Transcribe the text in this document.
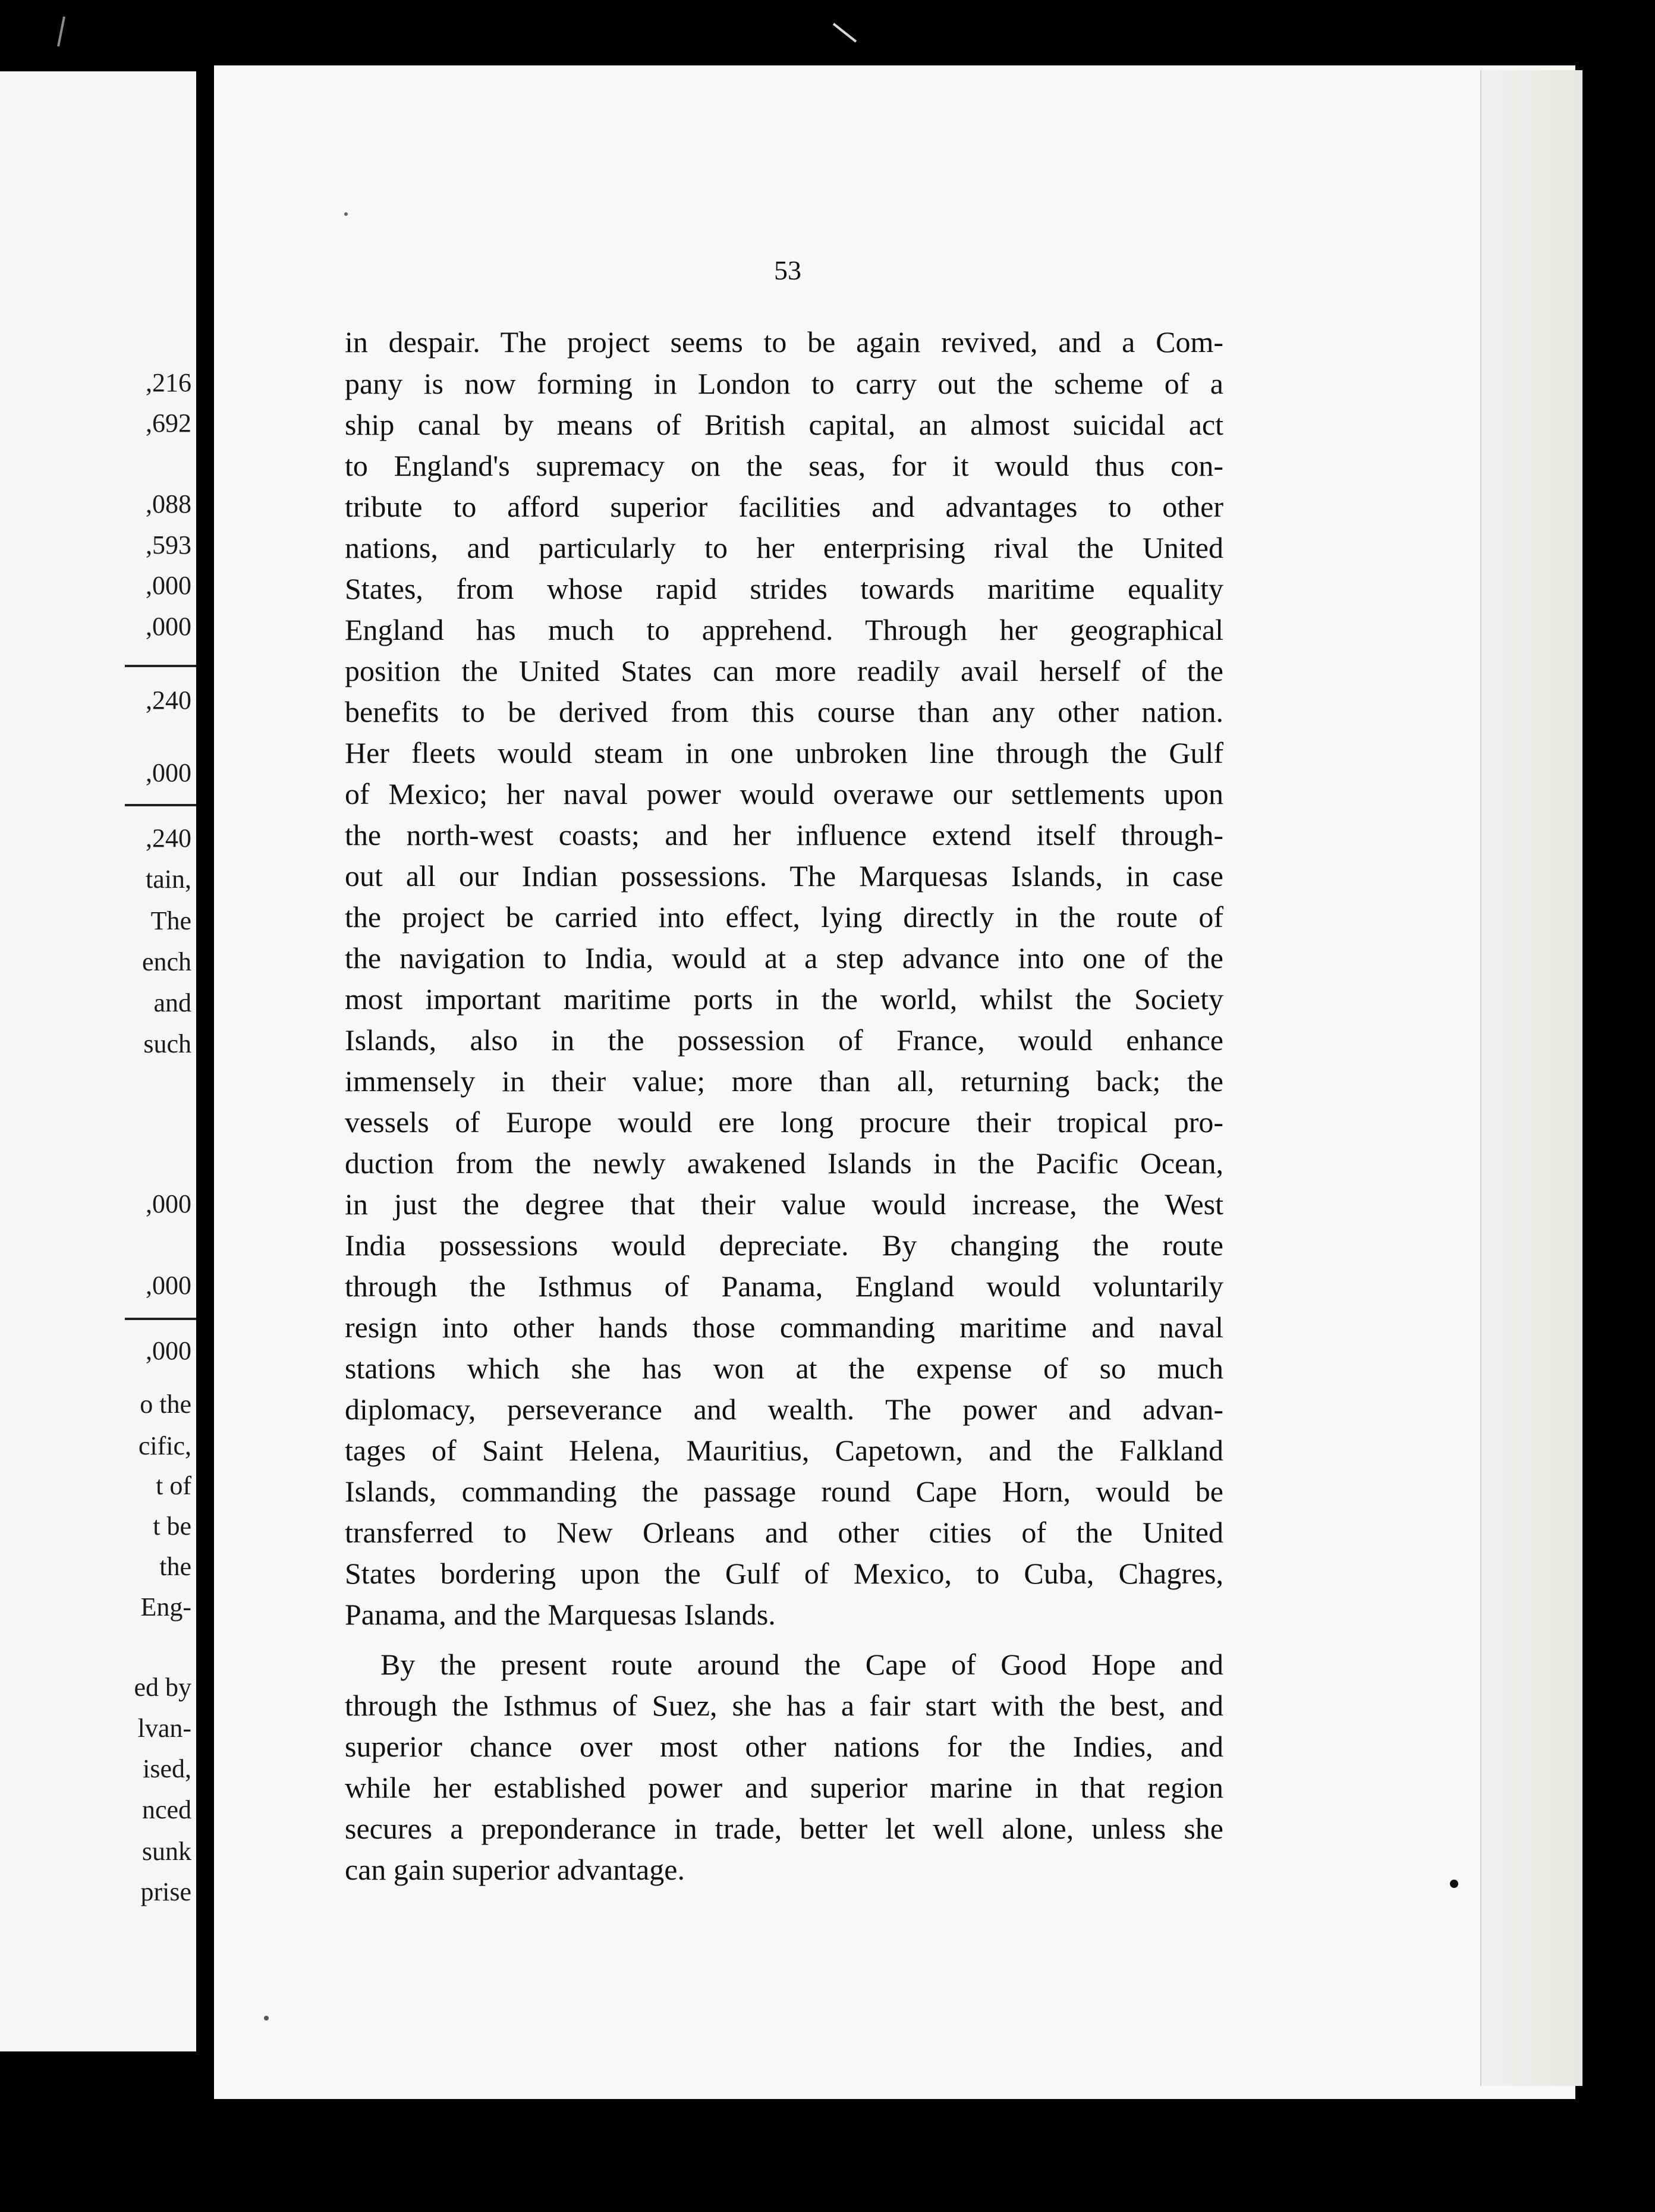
,216
,692
,088
,593
,000
,000
,240
,000
,240
tain,
The
ench
and
such
,000
,000
,000
o the
cific,
t of
t be
the
Eng-
ed by
lvan-
ised,
nced
sunk
prise
53
in despair. The project seems to be again revived, and a Com-
pany is now forming in London to carry out the scheme of a
ship canal by means of British capital, an almost suicidal act
to England's supremacy on the seas, for it would thus con-
tribute to afford superior facilities and advantages to other
nations, and particularly to her enterprising rival the United
States, from whose rapid strides towards maritime equality
England has much to apprehend. Through her geographical
position the United States can more readily avail herself of the
benefits to be derived from this course than any other nation.
Her fleets would steam in one unbroken line through the Gulf
of Mexico; her naval power would overawe our settlements upon
the north-west coasts; and her influence extend itself through-
out all our Indian possessions. The Marquesas Islands, in case
the project be carried into effect, lying directly in the route of
the navigation to India, would at a step advance into one of the
most important maritime ports in the world, whilst the Society
Islands, also in the possession of France, would enhance
immensely in their value; more than all, returning back; the
vessels of Europe would ere long procure their tropical pro-
duction from the newly awakened Islands in the Pacific Ocean,
in just the degree that their value would increase, the West
India possessions would depreciate. By changing the route
through the Isthmus of Panama, England would voluntarily
resign into other hands those commanding maritime and naval
stations which she has won at the expense of so much
diplomacy, perseverance and wealth. The power and advan-
tages of Saint Helena, Mauritius, Capetown, and the Falkland
Islands, commanding the passage round Cape Horn, would be
transferred to New Orleans and other cities of the United
States bordering upon the Gulf of Mexico, to Cuba, Chagres,
Panama, and the Marquesas Islands.
By the present route around the Cape of Good Hope and
through the Isthmus of Suez, she has a fair start with the best, and
superior chance over most other nations for the Indies, and
while her established power and superior marine in that region
secures a preponderance in trade, better let well alone, unless she
can gain superior advantage.
